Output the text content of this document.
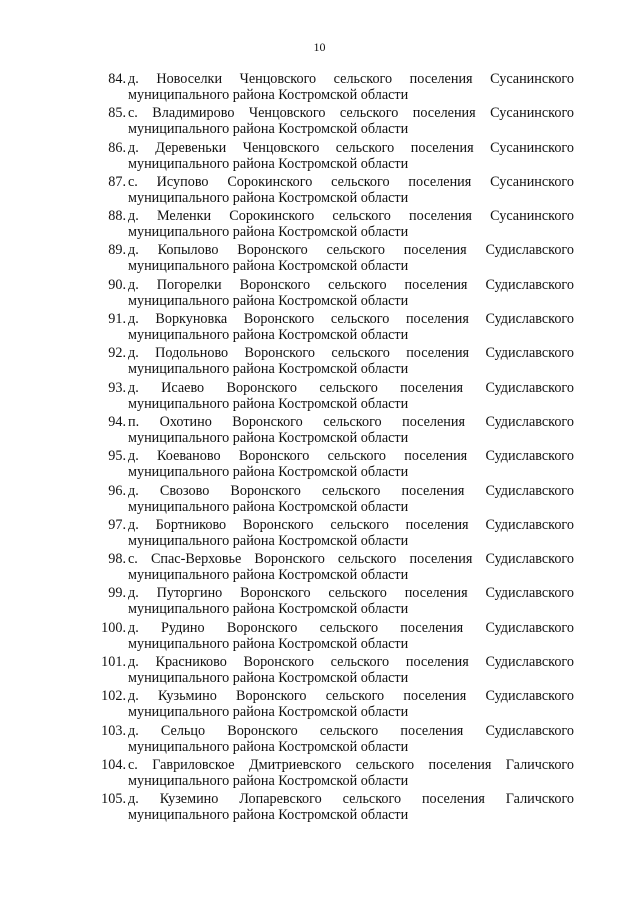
10
84. д. Новоселки Ченцовского сельского поселения Сусанинского
муниципального района Костромской области
85. с. Владимирово Ченцовского сельского поселения Сусанинского
муниципального района Костромской области
86. д. Деревеньки Ченцовского сельского поселения Сусанинского
муниципального района Костромской области
87. с. Исупово Сорокинского сельского поселения Сусанинского
муниципального района Костромской области
88. д. Меленки Сорокинского сельского поселения Сусанинского
муниципального района Костромской области
89. д. Копылово Воронского сельского поселения Судиславского
муниципального района Костромской области
90. д. Погорелки Воронского сельского поселения Судиславского
муниципального района Костромской области
91. д. Воркуновка Воронского сельского поселения Судиславского
муниципального района Костромской области
92. д. Подольново Воронского сельского поселения Судиславского
муниципального района Костромской области
93. д. Исаево Воронского сельского поселения Судиславского
муниципального района Костромской области
94. п. Охотино Воронского сельского поселения Судиславского
муниципального района Костромской области
95. д. Коеваново Воронского сельского поселения Судиславского
муниципального района Костромской области
96. д. Свозово Воронского сельского поселения Судиславского
муниципального района Костромской области
97. д. Бортниково Воронского сельского поселения Судиславского
муниципального района Костромской области
98. с. Спас-Верховье Воронского сельского поселения Судиславского
муниципального района Костромской области
99. д. Путоргино Воронского сельского поселения Судиславского
муниципального района Костромской области
100. д. Рудино Воронского сельского поселения Судиславского
муниципального района Костромской области
101. д. Красниково Воронского сельского поселения Судиславского
муниципального района Костромской области
102. д. Кузьмино Воронского сельского поселения Судиславского
муниципального района Костромской области
103. д. Сельцо Воронского сельского поселения Судиславского
муниципального района Костромской области
104. с. Гавриловское Дмитриевского сельского поселения Галичского
муниципального района Костромской области
105. д. Куземино Лопаревского сельского поселения Галичского
муниципального района Костромской области
